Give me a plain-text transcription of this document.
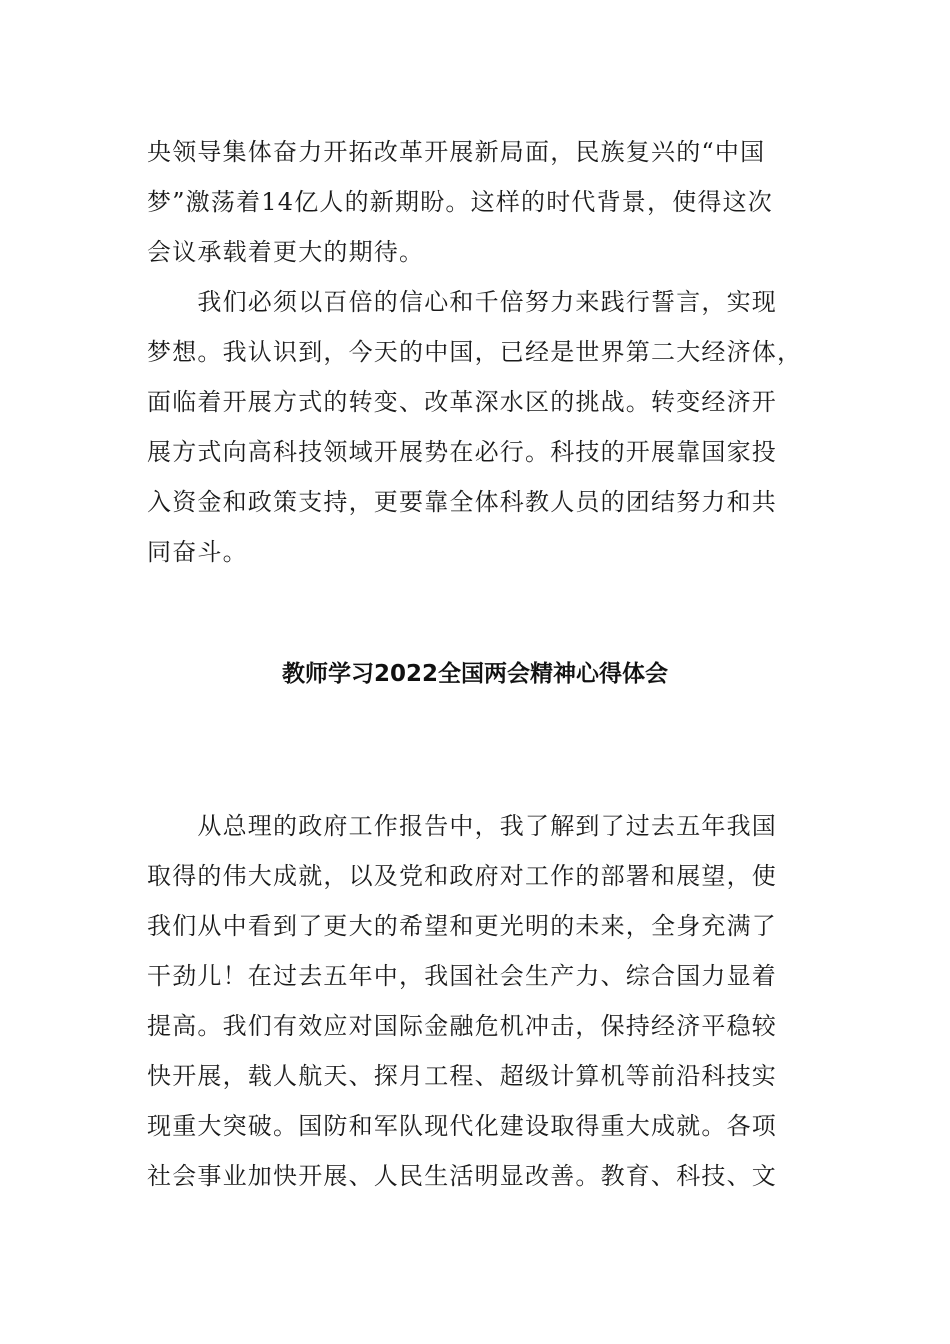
央领导集体奋力开拓改革开展新局面，民族复兴的“中国
梦”激荡着14亿人的新期盼。这样的时代背景，使得这次
会议承载着更大的期待。
　　我们必须以百倍的信心和千倍努力来践行誓言，实现
梦想。我认识到，今天的中国，已经是世界第二大经济体，
面临着开展方式的转变、改革深水区的挑战。转变经济开
展方式向高科技领域开展势在必行。科技的开展靠国家投
入资金和政策支持，更要靠全体科教人员的团结努力和共
同奋斗。
教师学习2022全国两会精神心得体会
　　从总理的政府工作报告中，我了解到了过去五年我国
取得的伟大成就，以及党和政府对工作的部署和展望，使
我们从中看到了更大的希望和更光明的未来，全身充满了
干劲儿！在过去五年中，我国社会生产力、综合国力显着
提高。我们有效应对国际金融危机冲击，保持经济平稳较
快开展，载人航天、探月工程、超级计算机等前沿科技实
现重大突破。国防和军队现代化建设取得重大成就。各项
社会事业加快开展、人民生活明显改善。教育、科技、文
